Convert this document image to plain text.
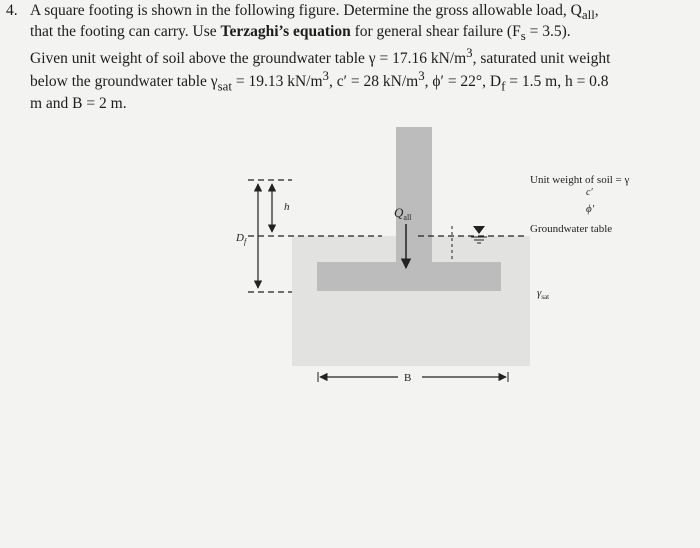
4. A square footing is shown in the following figure. Determine the gross allowable load, $Q_{all}$,
that the footing can carry. Use Terzaghi’s equation for general shear failure $(F_s = 3.5)$.
Given unit weight of soil above the groundwater table γ = 17.16 $kN/m^3$, saturated unit weight
below the groundwater table $\gamma_{sat} = 19.13$ $kN/m^3$, c′ = 28 $kN/m^3$, ϕ′ = 22°, $D_f = 1.5$ m, h = 0.8
m and B = 2 m.
h
$D_f$
$Q_{all}$
B
Unit weight of soil = γ
c′
ϕ′
Groundwater table
$\gamma_{sat}$
